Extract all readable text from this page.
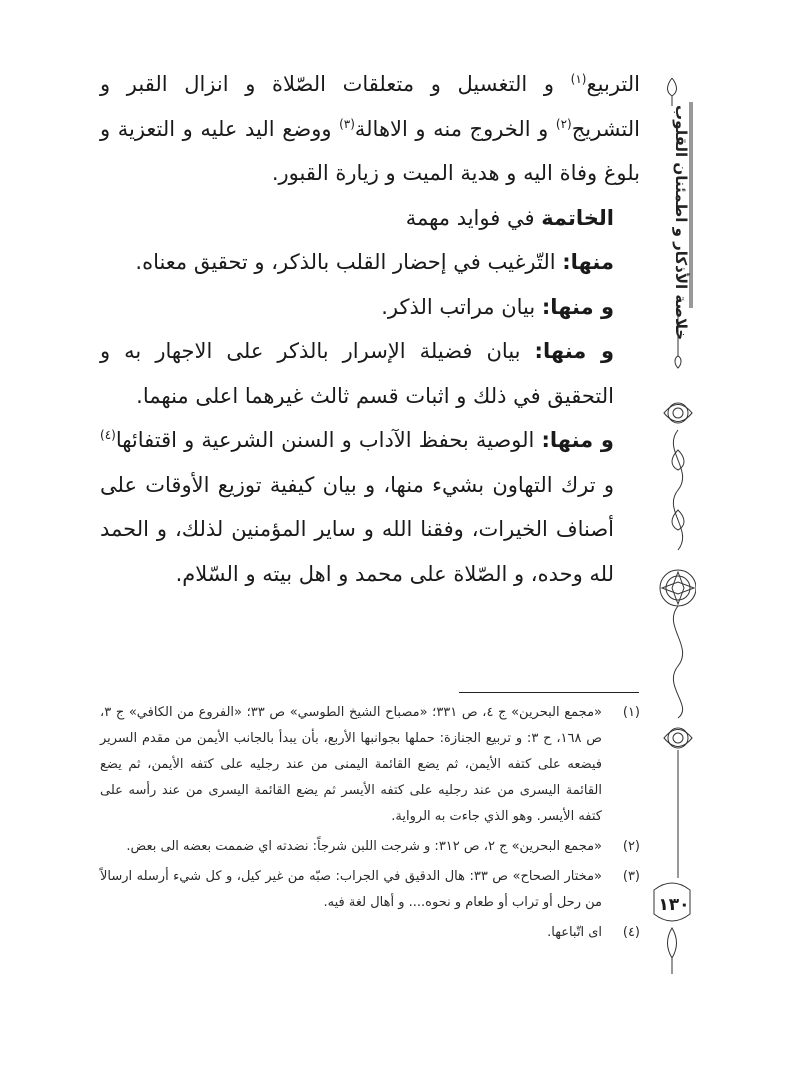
التربيع$^{(١)}$ و التغسيل و متعلقات الصّلاة و انزال القبر و التشريج$^{(٢)}$ و الخروج منه و الاهالة$^{(٣)}$ ووضع اليد عليه و التعزية و بلوغ وفاة اليه و هدية الميت و زيارة القبور.

الخاتمة في فوايد مهمة

منها: التّرغيب في إحضار القلب بالذكر، و تحقيق معناه.

و منها: بيان مراتب الذكر.

و منها: بيان فضيلة الإسرار بالذكر على الاجهار به و التحقيق في ذلك و اثبات قسم ثالث غيرهما اعلى منهما.

و منها: الوصية بحفظ الآداب و السنن الشرعية و اقتفائها$^{(٤)}$ و ترك التهاون بشيء منها، و بيان كيفية توزيع الأوقات على أصناف الخيرات، وفقنا الله و ساير المؤمنين لذلك، و الحمد لله وحده، و الصّلاة على محمد و اهل بيته و السّلام.

(١)
«مجمع البحرين» ج ٤، ص ٣٣١؛ «مصباح الشيخ الطوسي» ص ٣٣؛ «الفروع من الكافي» ج ٣، ص ١٦٨، ح ٣: و تربيع الجنازة: حملها بجوانبها الأربع، بأن يبدأ بالجانب الأيمن من مقدم السرير فيضعه على كتفه الأيمن، ثم يضع القائمة اليمنى من عند رجليه على كتفه الأيمن، ثم يضع القائمة اليسرى من عند رجليه على كتفه الأيسر ثم يضع القائمة اليسرى من عند رأسه على كتفه الأيسر. وهو الذي جاءت به الرواية.

(٢)
«مجمع البحرين» ج ٢، ص ٣١٢: و شرجت اللبن شرجاً: نضدته اي ضممت بعضه الى بعض.

(٣)
«مختار الصحاح» ص ٣٣: هال الدقيق في الجراب: صبّه من غير كيل، و كل شيء أرسله ارسالاً من رحل أو تراب أو طعام و نحوه.... و أهال لغة فيه.

(٤)
اى اتّباعها.

خلاصة الأذكار و اطمئنان القلوب
١٣٠
